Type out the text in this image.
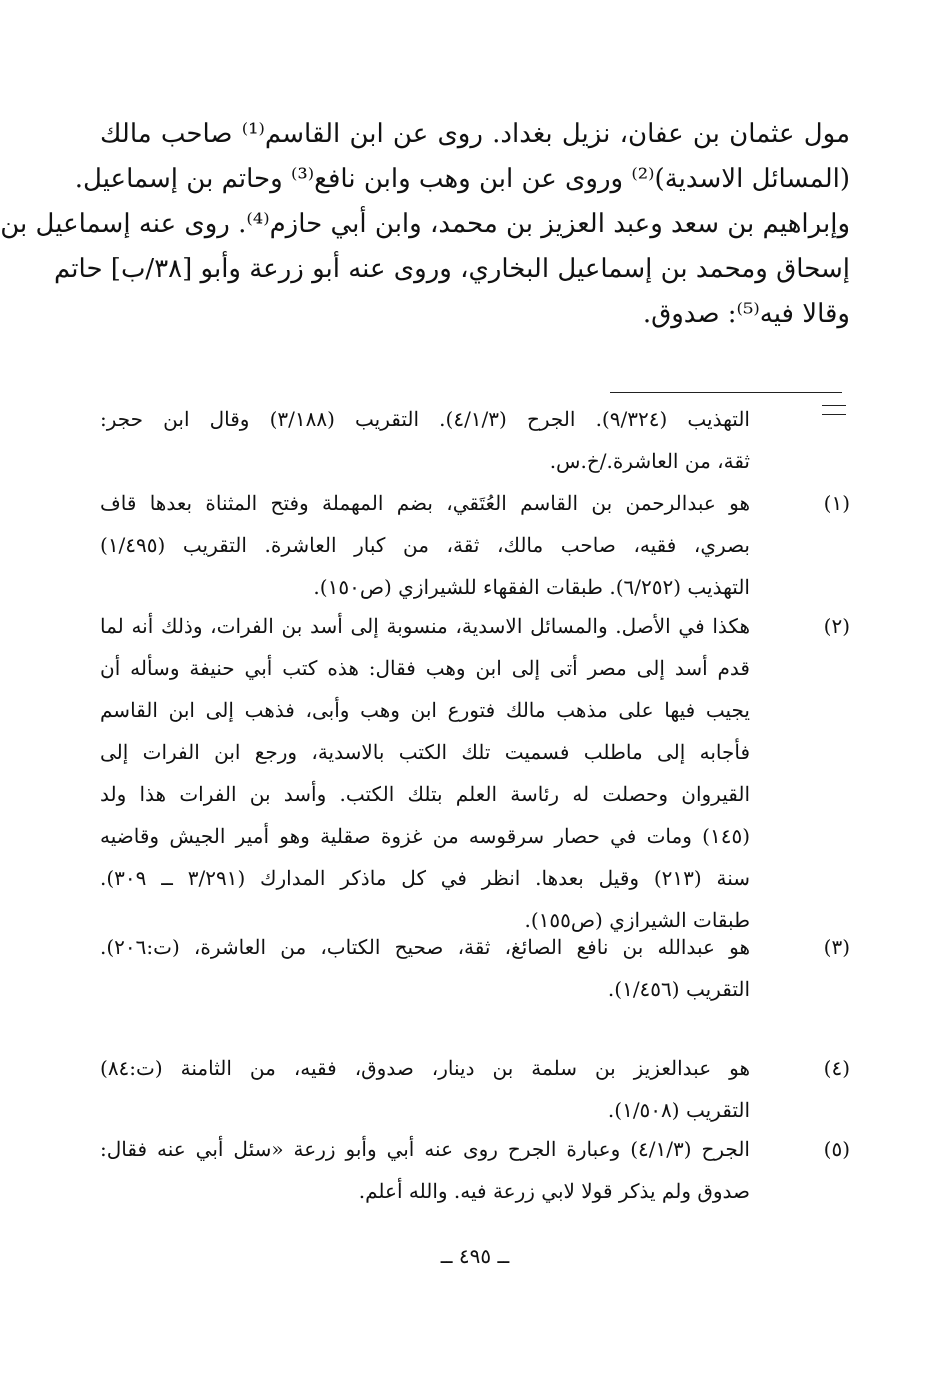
مول عثمان بن عفان، نزيل بغداد. روى عن ابن القاسم⁽¹⁾ صاحب مالك
(المسائل الاسدية)⁽²⁾ وروى عن ابن وهب وابن نافع⁽³⁾ وحاتم بن إسماعيل.
وإبراهيم بن سعد وعبد العزيز بن محمد، وابن أبي حازم⁽⁴⁾. روى عنه إسماعيل بن
إسحاق ومحمد بن إسماعيل البخاري، وروى عنه أبو زرعة وأبو [٣٨/ب] حاتم
وقالا فيه⁽⁵⁾: صدوق.
التهذيب (٩/٣٢٤). الجرح (٤/١/٣). التقريب (٣/١٨٨) وقال ابن حجر:
ثقة، من العاشرة./خ.س.
(١)
هو عبدالرحمن بن القاسم العُتَقي، بضم المهملة وفتح المثناة بعدها قاف
بصري، فقيه، صاحب مالك، ثقة، من كبار العاشرة. التقريب (١/٤٩٥)
التهذيب (٦/٢٥٢). طبقات الفقهاء للشيرازي (ص١٥٠).
(٢)
هكذا في الأصل. والمسائل الاسدية، منسوبة إلى أسد بن الفرات، وذلك أنه لما
قدم أسد إلى مصر أتى إلى ابن وهب فقال: هذه كتب أبي حنيفة وسأله أن
يجيب فيها على مذهب مالك فتورع ابن وهب وأبى، فذهب إلى ابن القاسم
فأجابه إلى ماطلب فسميت تلك الكتب بالاسدية، ورجع ابن الفرات إلى
القيروان وحصلت له رئاسة العلم بتلك الكتب. وأسد بن الفرات هذا ولد
(١٤٥) ومات في حصار سرقوسه من غزوة صقلية وهو أمير الجيش وقاضيه
سنة (٢١٣) وقيل بعدها. انظر في كل ماذكر المدارك (٣/٢٩١ ــ ٣٠٩).
طبقات الشيرازي (ص١٥٥).
(٣)
هو عبدالله بن نافع الصائغ، ثقة، صحيح الكتاب، من العاشرة، (ت:٢٠٦).
التقريب (١/٤٥٦).
(٤)
هو عبدالعزيز بن سلمة بن دينار، صدوق، فقيه، من الثامنة (ت:٨٤)
التقريب (١/٥٠٨).
(٥)
الجرح (٤/١/٣) وعبارة الجرح روى عنه أبي وأبو زرعة «سئل أبي عنه فقال:
صدوق ولم يذكر قولا لابي زرعة فيه. والله أعلم.
ــ ٤٩٥ ــ
